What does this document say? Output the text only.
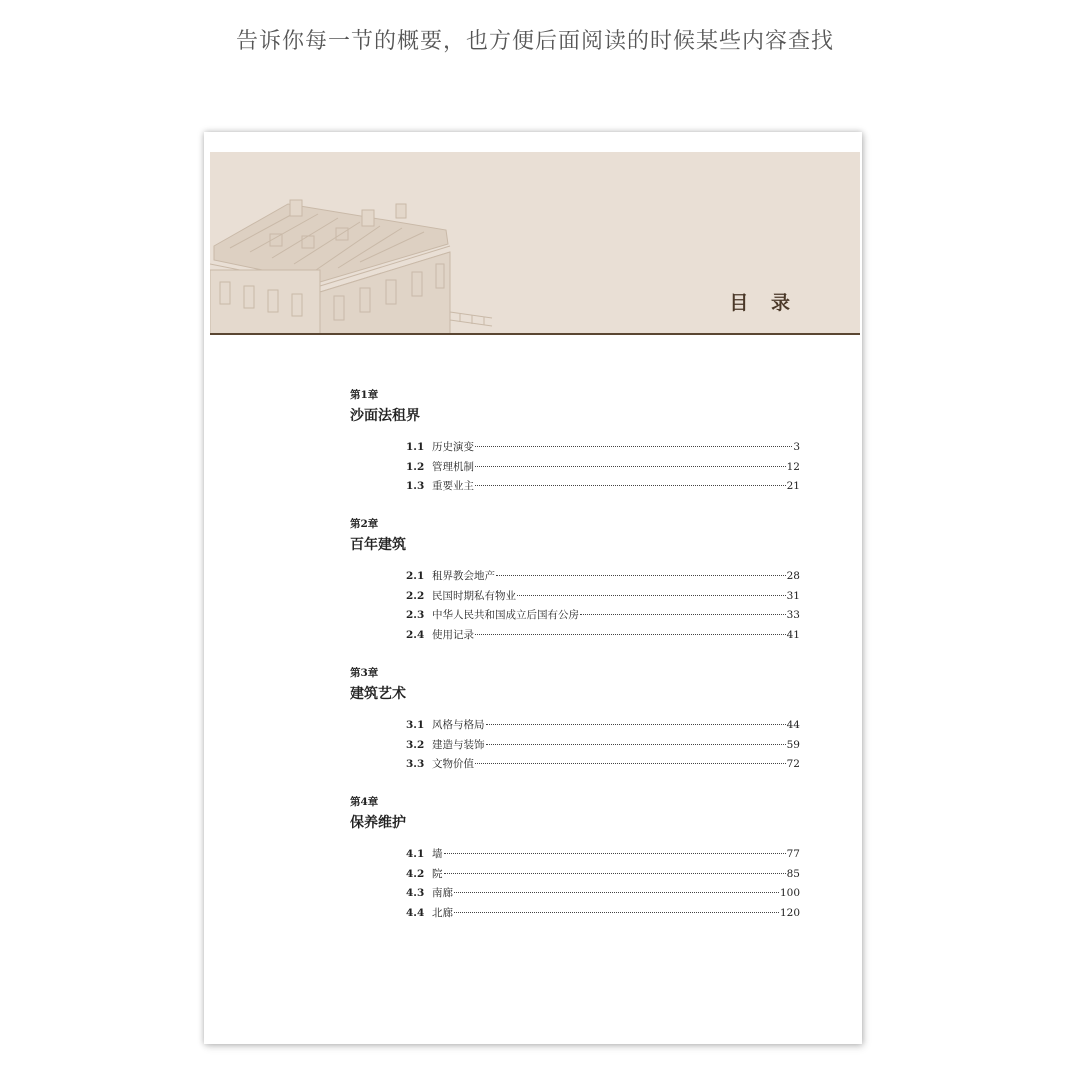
告诉你每一节的概要，也方便后面阅读的时候某些内容查找
目 录
第1章
沙面法租界
1.1 历史演变	3
1.2 管理机制	12
1.3 重要业主	21
第2章
百年建筑
2.1 租界教会地产	28
2.2 民国时期私有物业	31
2.3 中华人民共和国成立后国有公房	33
2.4 使用记录	41
第3章
建筑艺术
3.1 风格与格局	44
3.2 建造与装饰	59
3.3 文物价值	72
第4章
保养维护
4.1 墙	77
4.2 院	85
4.3 南廊	100
4.4 北廊	120
